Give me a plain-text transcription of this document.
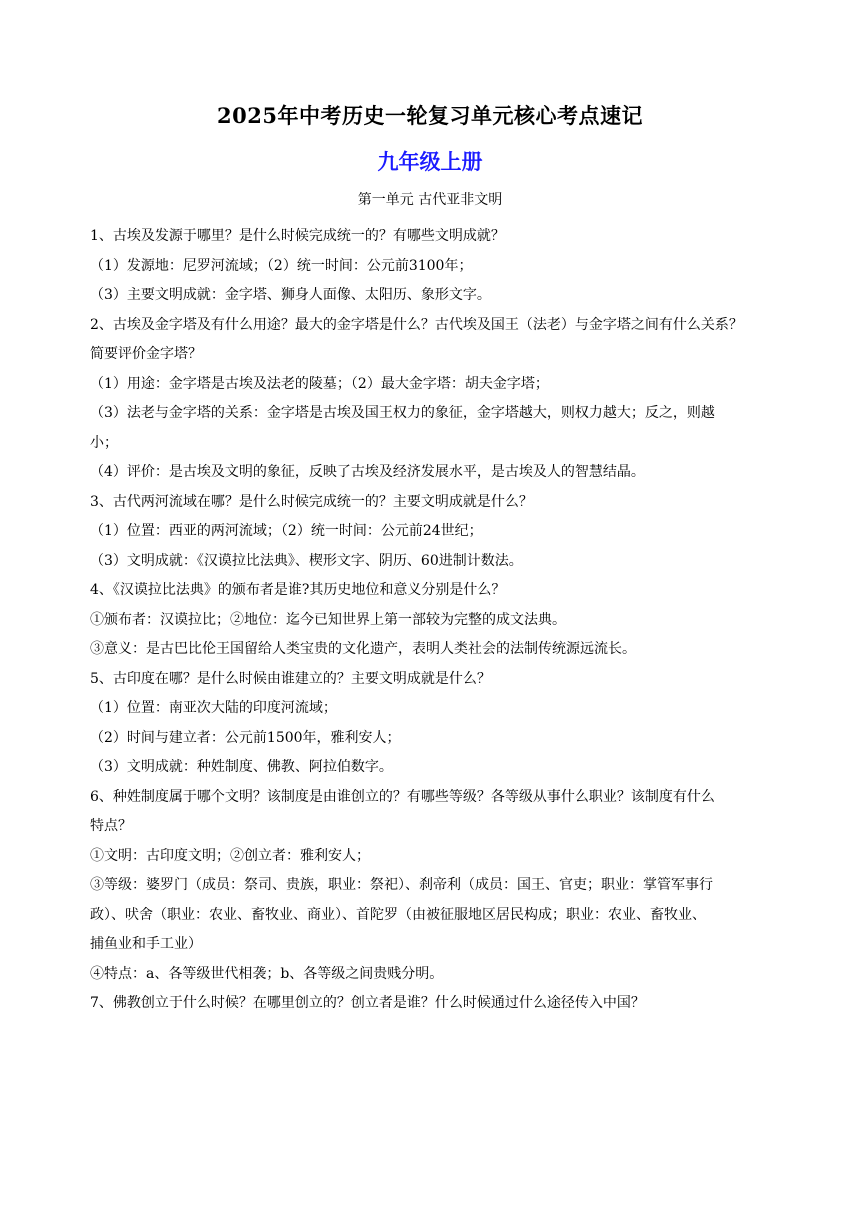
2025年中考历史一轮复习单元核心考点速记
九年级上册
第一单元 古代亚非文明
1、古埃及发源于哪里？是什么时候完成统一的？有哪些文明成就？
（1）发源地：尼罗河流域；（2）统一时间：公元前3100年；
（3）主要文明成就：金字塔、狮身人面像、太阳历、象形文字。
2、古埃及金字塔及有什么用途？最大的金字塔是什么？古代埃及国王（法老）与金字塔之间有什么关系？
简要评价金字塔？
（1）用途：金字塔是古埃及法老的陵墓；（2）最大金字塔：胡夫金字塔；
（3）法老与金字塔的关系：金字塔是古埃及国王权力的象征，金字塔越大，则权力越大；反之，则越
小；
（4）评价：是古埃及文明的象征，反映了古埃及经济发展水平，是古埃及人的智慧结晶。
3、古代两河流域在哪？是什么时候完成统一的？主要文明成就是什么？
（1）位置：西亚的两河流域；（2）统一时间：公元前24世纪；
（3）文明成就：《汉谟拉比法典》、楔形文字、阴历、60进制计数法。
4、《汉谟拉比法典》的颁布者是谁?其历史地位和意义分别是什么？
①颁布者：汉谟拉比；②地位：迄今已知世界上第一部较为完整的成文法典。
③意义：是古巴比伦王国留给人类宝贵的文化遗产，表明人类社会的法制传统源远流长。
5、古印度在哪？是什么时候由谁建立的？主要文明成就是什么？
（1）位置：南亚次大陆的印度河流域；
（2）时间与建立者：公元前1500年，雅利安人；
（3）文明成就：种姓制度、佛教、阿拉伯数字。
6、种姓制度属于哪个文明？该制度是由谁创立的？有哪些等级？各等级从事什么职业？该制度有什么
特点？
①文明：古印度文明；②创立者：雅利安人；
③等级：婆罗门（成员：祭司、贵族，职业：祭祀）、刹帝利（成员：国王、官吏；职业：掌管军事行
政）、吠舍（职业：农业、畜牧业、商业）、首陀罗（由被征服地区居民构成；职业：农业、畜牧业、
捕鱼业和手工业）
④特点：a、各等级世代相袭；b、各等级之间贵贱分明。
7、佛教创立于什么时候？在哪里创立的？创立者是谁？什么时候通过什么途径传入中国？
